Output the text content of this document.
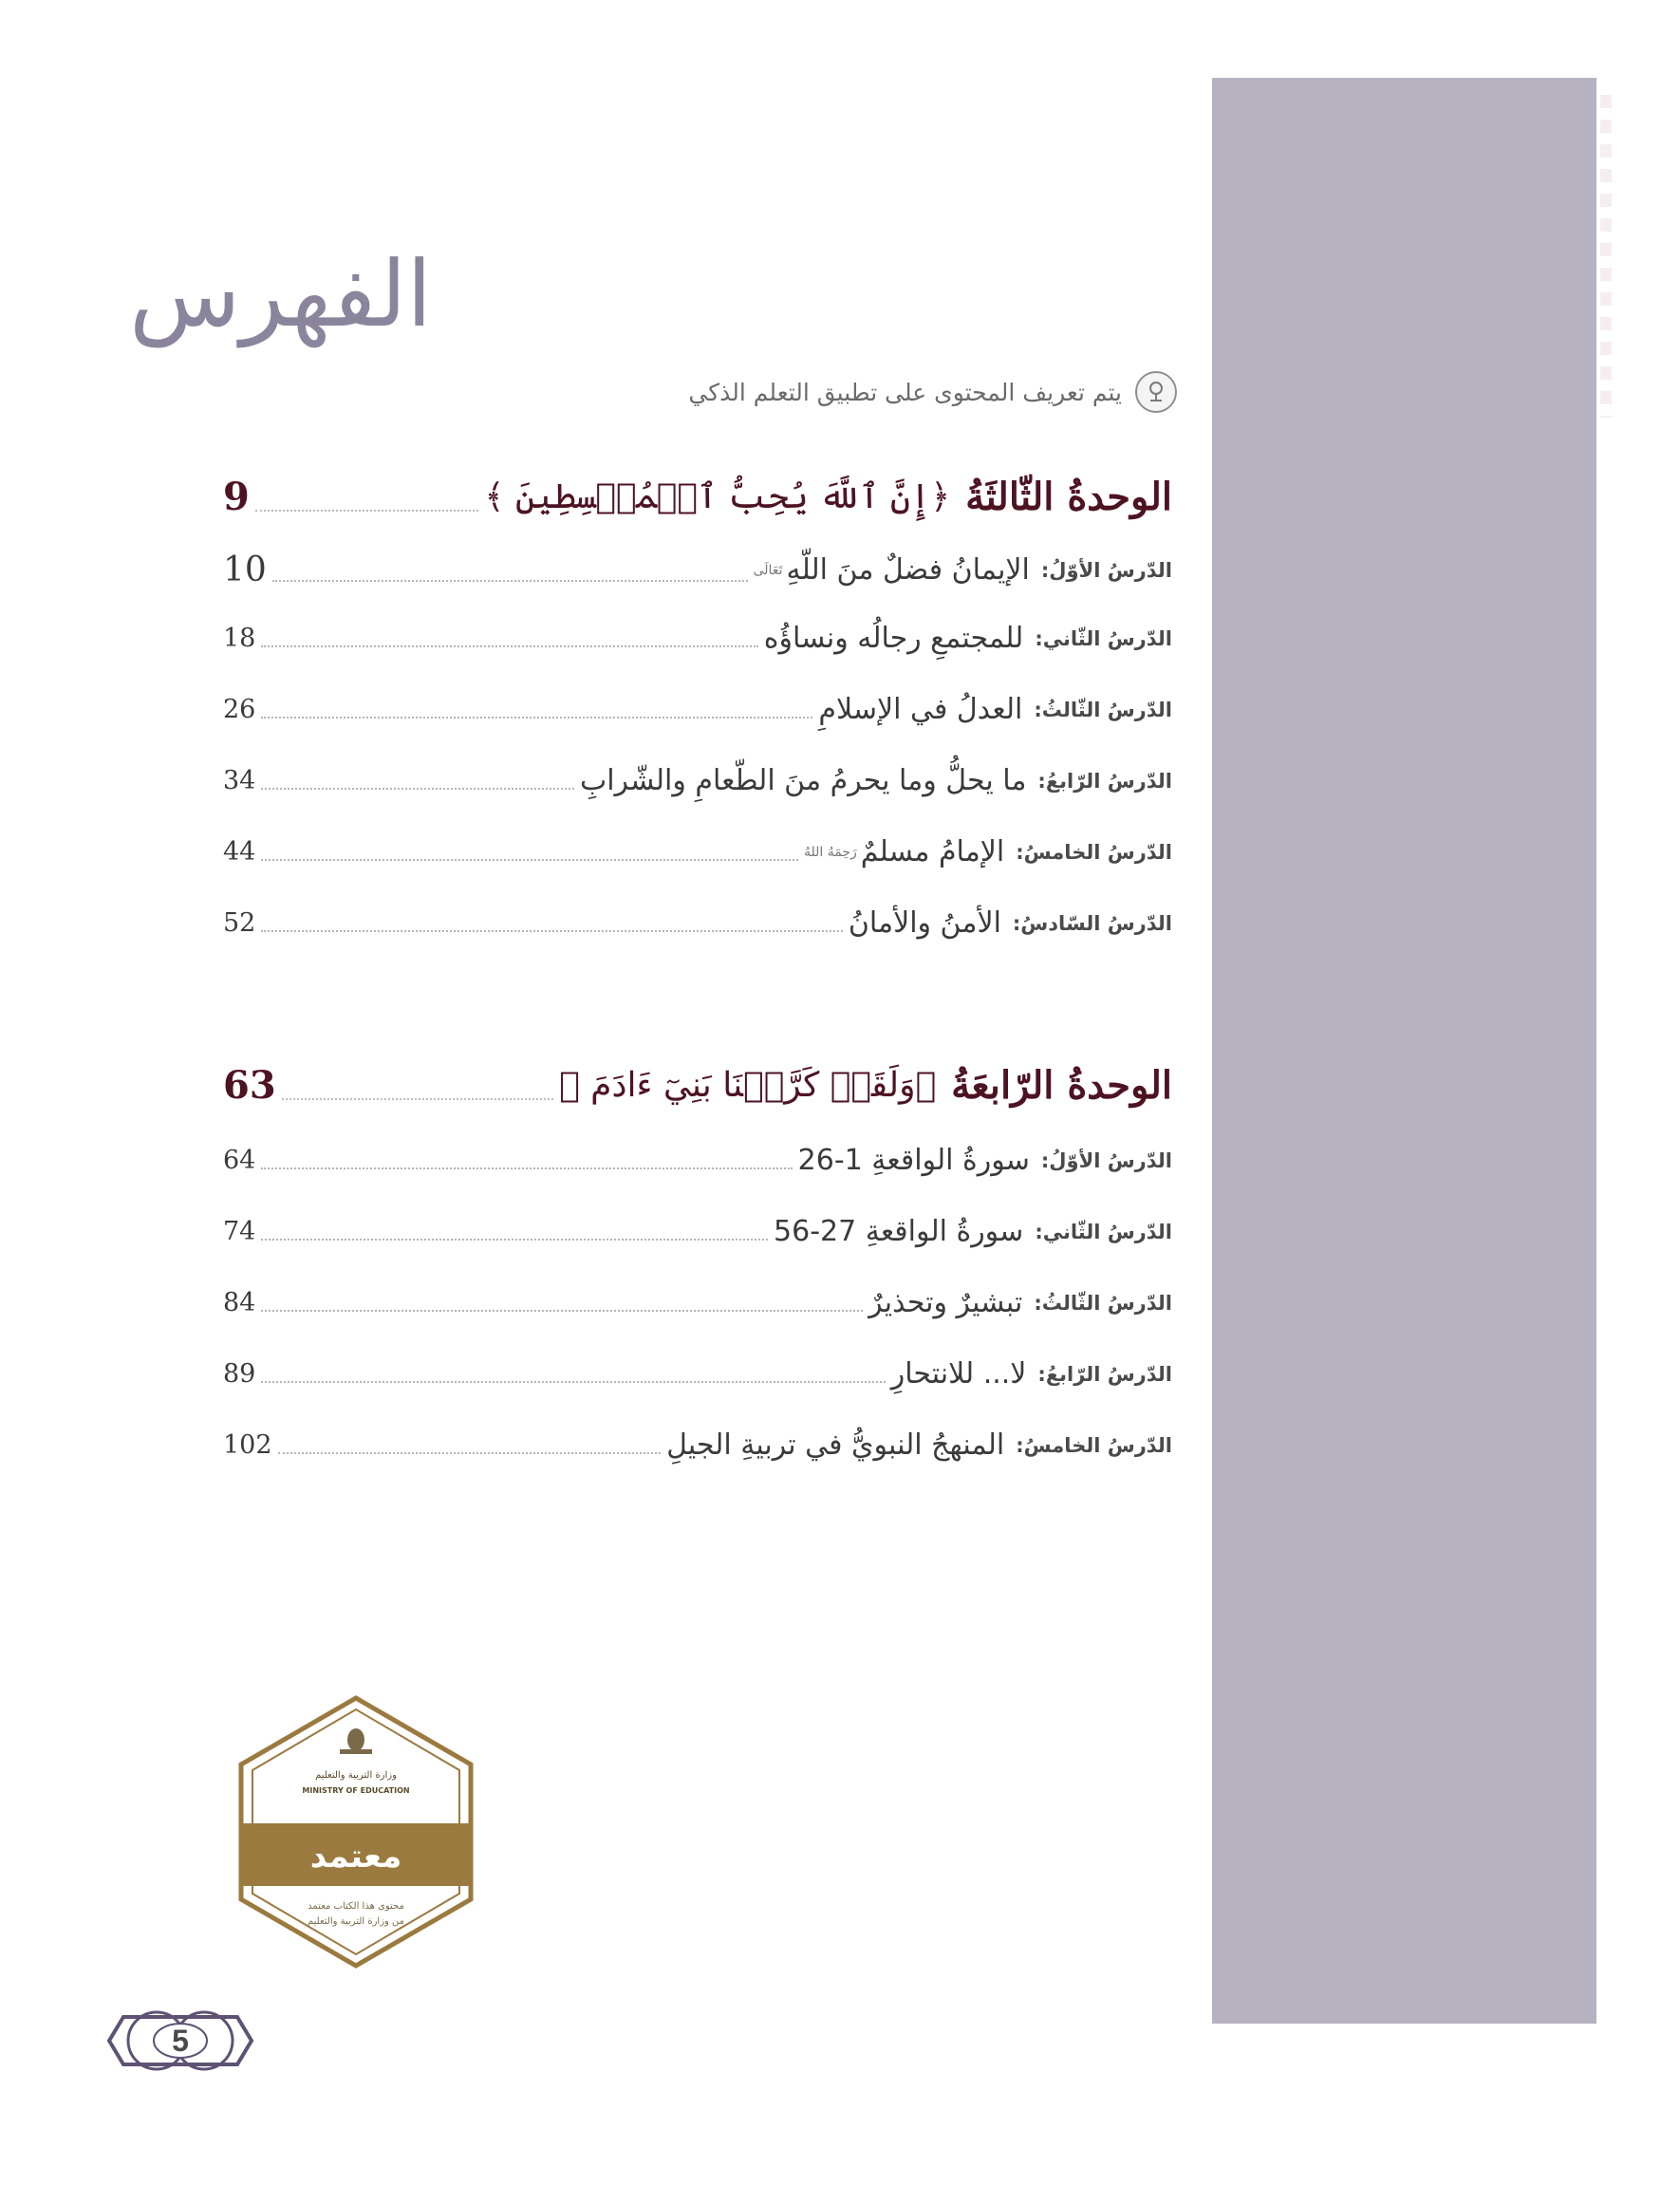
الفهرس
يتم تعريف المحتوى على تطبيق التعلم الذكي
الوحدةُ الثّالثَةُ
﴿إِنَّ ٱللَّهَ يُحِبُّ ٱلۡمُقۡسِطِينَ ﴾
9
الدّرسُ الأوّلُ:
الإيمانُ فضلٌ منَ اللّهِ
تَعَالَى
10
الدّرسُ الثّاني:
للمجتمعِ رجالُه ونساؤُه
18
الدّرسُ الثّالثُ:
العدلُ في الإسلامِ
26
الدّرسُ الرّابعُ:
ما يحلُّ وما يحرمُ منَ الطّعامِ والشّرابِ
34
الدّرسُ الخامسُ:
الإمامُ مسلمٌ
رَحِمَهُ اللهُ
44
الدّرسُ السّادسُ:
الأمنُ والأمانُ
52
الوحدةُ الرّابعَةُ
﴿وَلَقَدۡ كَرَّمۡنَا بَنِيٓ ءَادَمَ ﴾
63
الدّرسُ الأوّلُ:
سورةُ الواقعةِ 1-26
64
الدّرسُ الثّاني:
سورةُ الواقعةِ 27-56
74
الدّرسُ الثّالثُ:
تبشيرٌ وتحذيرٌ
84
الدّرسُ الرّابعُ:
لا... للانتحارِ
89
الدّرسُ الخامسُ:
المنهجُ النبويُّ في تربيةِ الجيلِ
102
وزارة التربية والتعليم
MINISTRY OF EDUCATION
معتمد
محتوى هذا الكتاب معتمد
من وزارة التربية والتعليم
5
